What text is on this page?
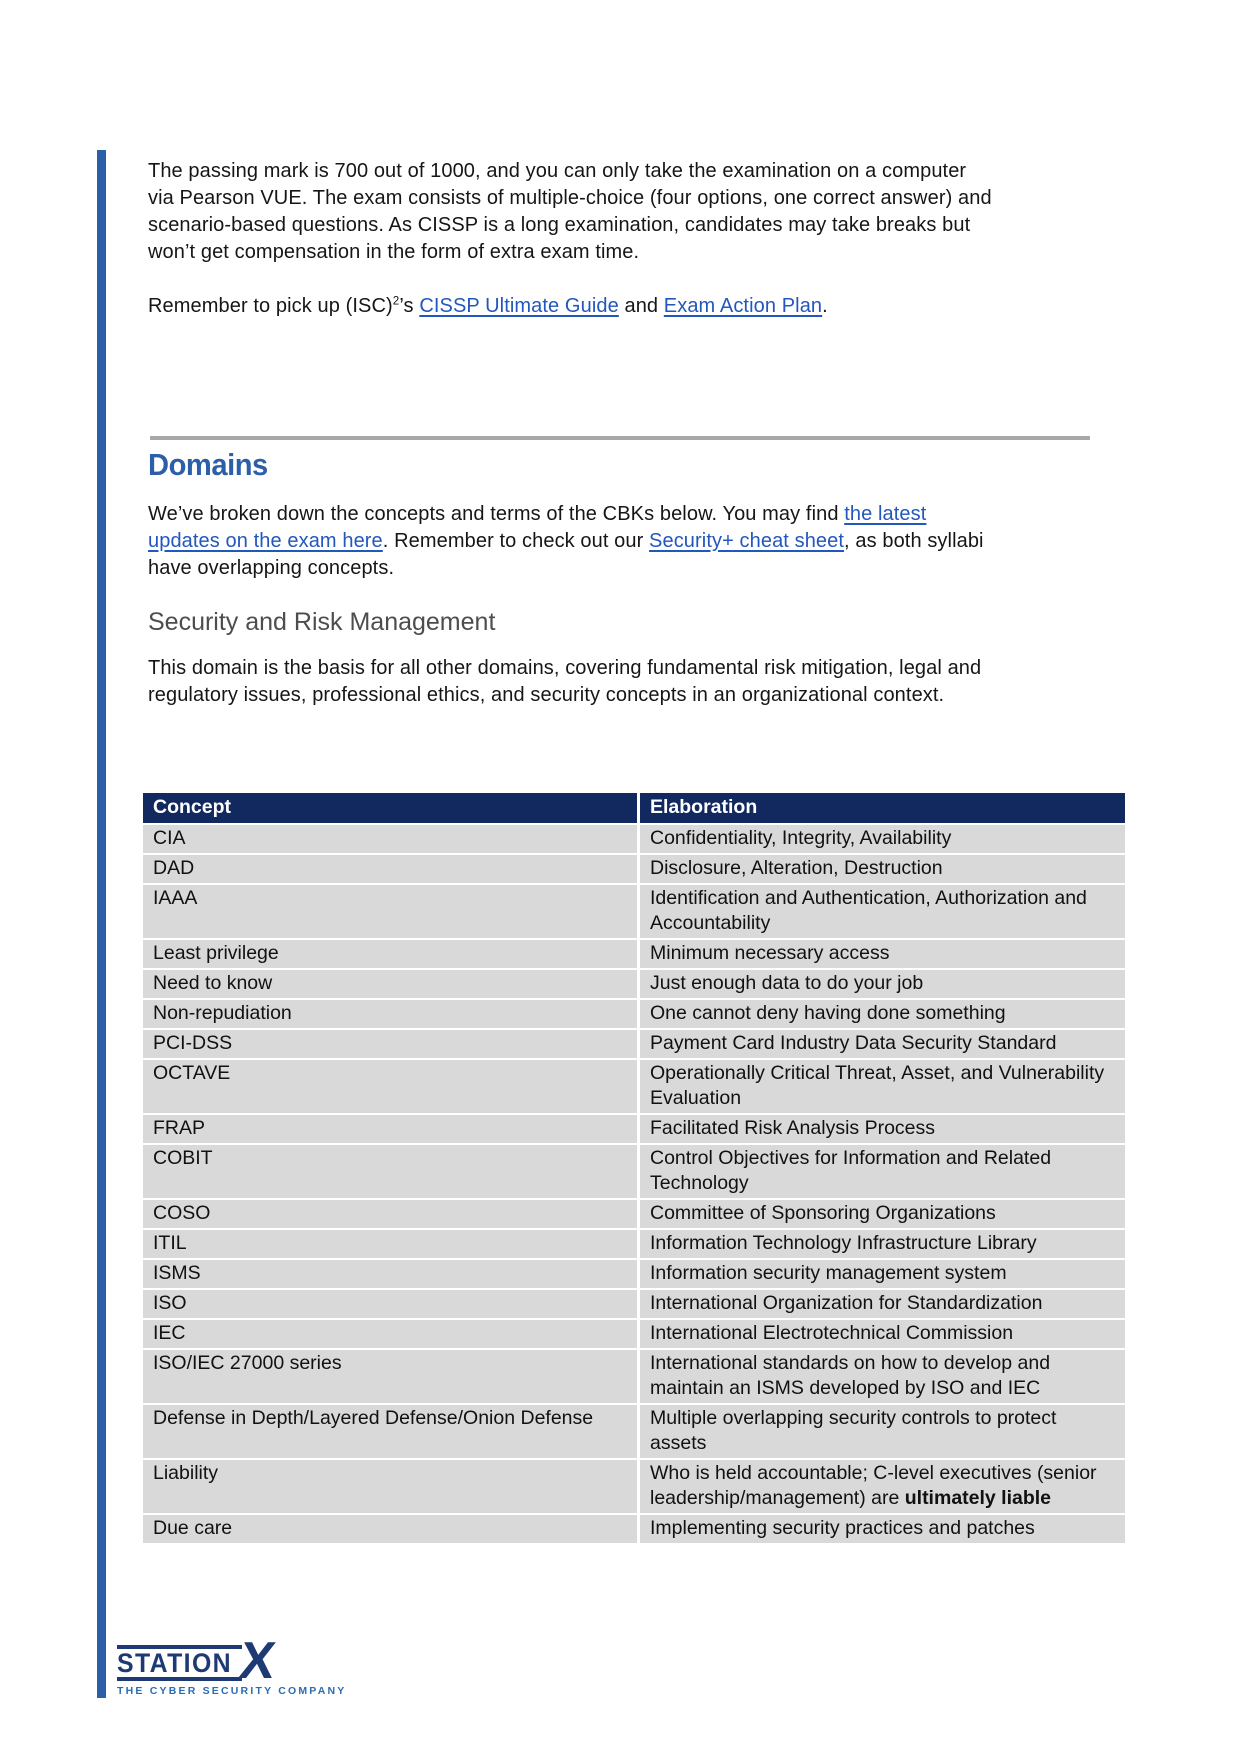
The passing mark is 700 out of 1000, and you can only take the examination on a computer via Pearson VUE. The exam consists of multiple-choice (four options, one correct answer) and scenario-based questions. As CISSP is a long examination, candidates may take breaks but won’t get compensation in the form of extra exam time.

Remember to pick up (ISC)$^2$’s CISSP Ultimate Guide and Exam Action Plan.

Domains

We’ve broken down the concepts and terms of the CBKs below. You may find the latest updates on the exam here. Remember to check out our Security+ cheat sheet, as both syllabi have overlapping concepts.

Security and Risk Management

This domain is the basis for all other domains, covering fundamental risk mitigation, legal and regulatory issues, professional ethics, and security concepts in an organizational context.

Concept	Elaboration
CIA	Confidentiality, Integrity, Availability
DAD	Disclosure, Alteration, Destruction
IAAA	Identification and Authentication, Authorization and Accountability
Least privilege	Minimum necessary access
Need to know	Just enough data to do your job
Non-repudiation	One cannot deny having done something
PCI-DSS	Payment Card Industry Data Security Standard
OCTAVE	Operationally Critical Threat, Asset, and Vulnerability Evaluation
FRAP	Facilitated Risk Analysis Process
COBIT	Control Objectives for Information and Related Technology
COSO	Committee of Sponsoring Organizations
ITIL	Information Technology Infrastructure Library
ISMS	Information security management system
ISO	International Organization for Standardization
IEC	International Electrotechnical Commission
ISO/IEC 27000 series	International standards on how to develop and maintain an ISMS developed by ISO and IEC
Defense in Depth/Layered Defense/Onion Defense	Multiple overlapping security controls to protect assets
Liability	Who is held accountable; C-level executives (senior leadership/management) are ultimately liable
Due care	Implementing security practices and patches
STATION X
THE CYBER SECURITY COMPANY
